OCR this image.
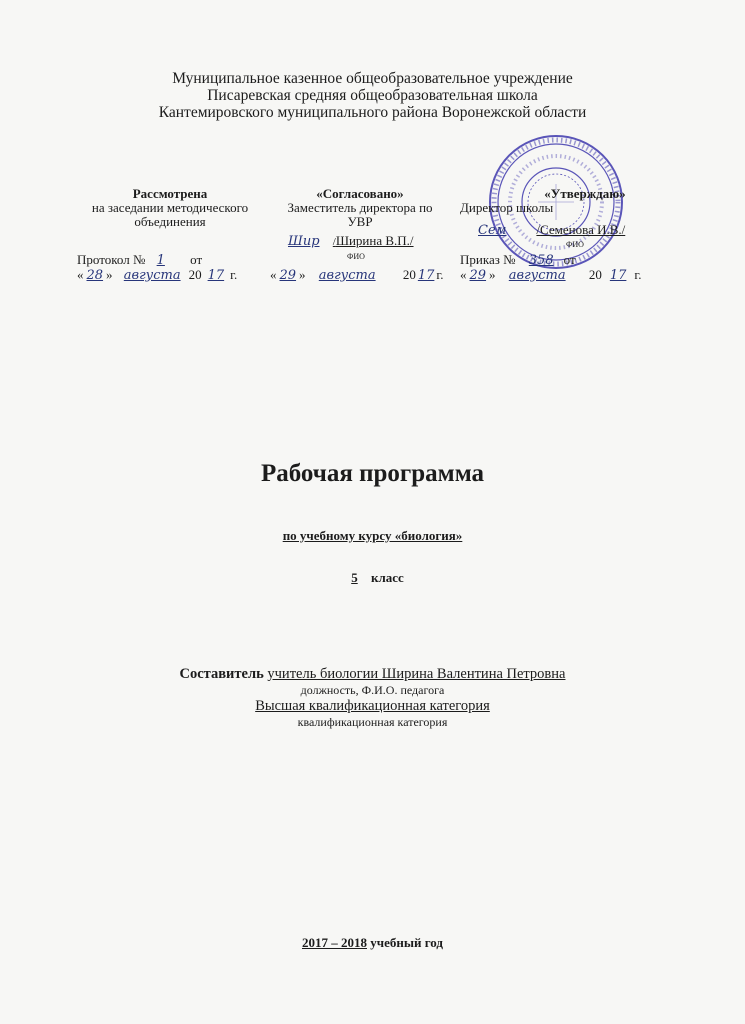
Муниципальное казенное общеобразовательное учреждение
Писаревская средняя общеобразовательная школа
Кантемировского муниципального района Воронежской области
Рассмотрена
на заседании методического
объединения
Протокол № 1 от
« 28 » августа 20 17 г.
«Согласовано»
Заместитель директора по
УВР
Шир /Ширина В.П./
ФИО
« 29 » августа 20 17 г.
«Утверждаю»
Директор школы
Сем /Семенова И.В./
ФИО
Приказ № 358 от
« 29 » августа 20 17 г.
Рабочая программа
по учебному курсу «биология»
5 класс
Составитель учитель биологии Ширина Валентина Петровна
должность, Ф.И.О. педагога
Высшая квалификационная категория
квалификационная категория
2017 – 2018 учебный год
